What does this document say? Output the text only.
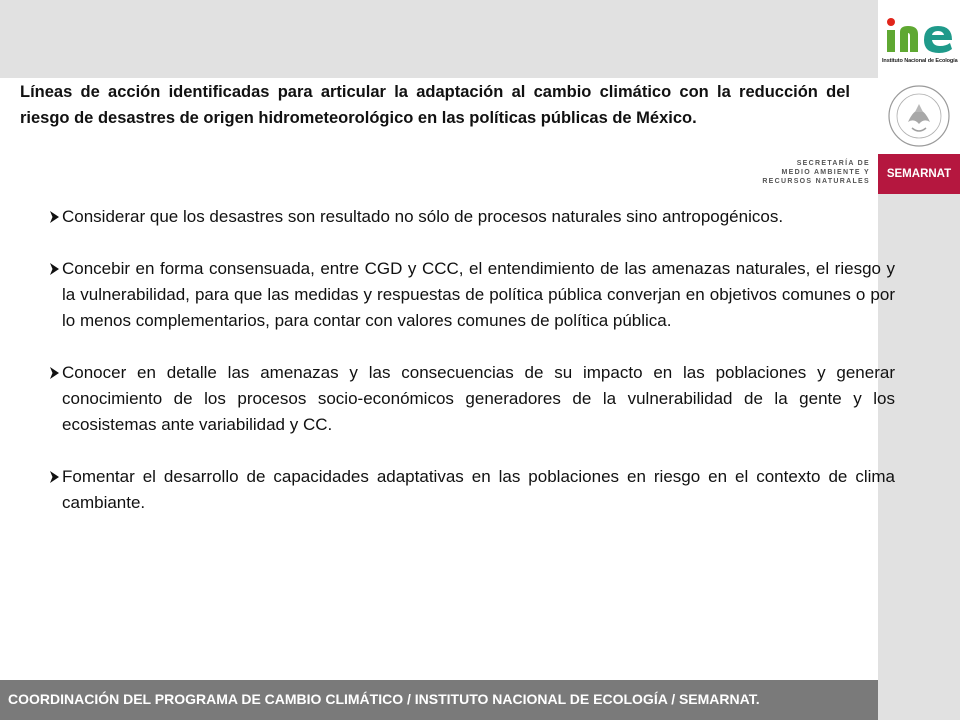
Instituto Nacional de Ecología
SECRETARÍA DE
MEDIO AMBIENTE Y
RECURSOS NATURALES
SEMARNAT
Líneas de acción identificadas para articular la adaptación al cambio climático con la reducción del riesgo de desastres de origen hidrometeorológico en las políticas públicas de México.
Considerar que los desastres son resultado no sólo de procesos naturales sino antropogénicos.
Concebir en forma consensuada, entre CGD y CCC, el entendimiento de las amenazas naturales, el riesgo y la vulnerabilidad, para que las medidas y respuestas de política pública converjan en objetivos comunes o por lo menos complementarios, para contar con valores comunes de política pública.
Conocer en detalle las amenazas y las consecuencias de su impacto en las poblaciones y generar conocimiento de los procesos socio-económicos generadores de la vulnerabilidad de la gente y los ecosistemas ante variabilidad y CC.
Fomentar el desarrollo de capacidades adaptativas en las poblaciones en riesgo en el contexto de clima cambiante.
COORDINACIÓN DEL PROGRAMA DE CAMBIO CLIMÁTICO / INSTITUTO NACIONAL DE ECOLOGÍA / SEMARNAT.
